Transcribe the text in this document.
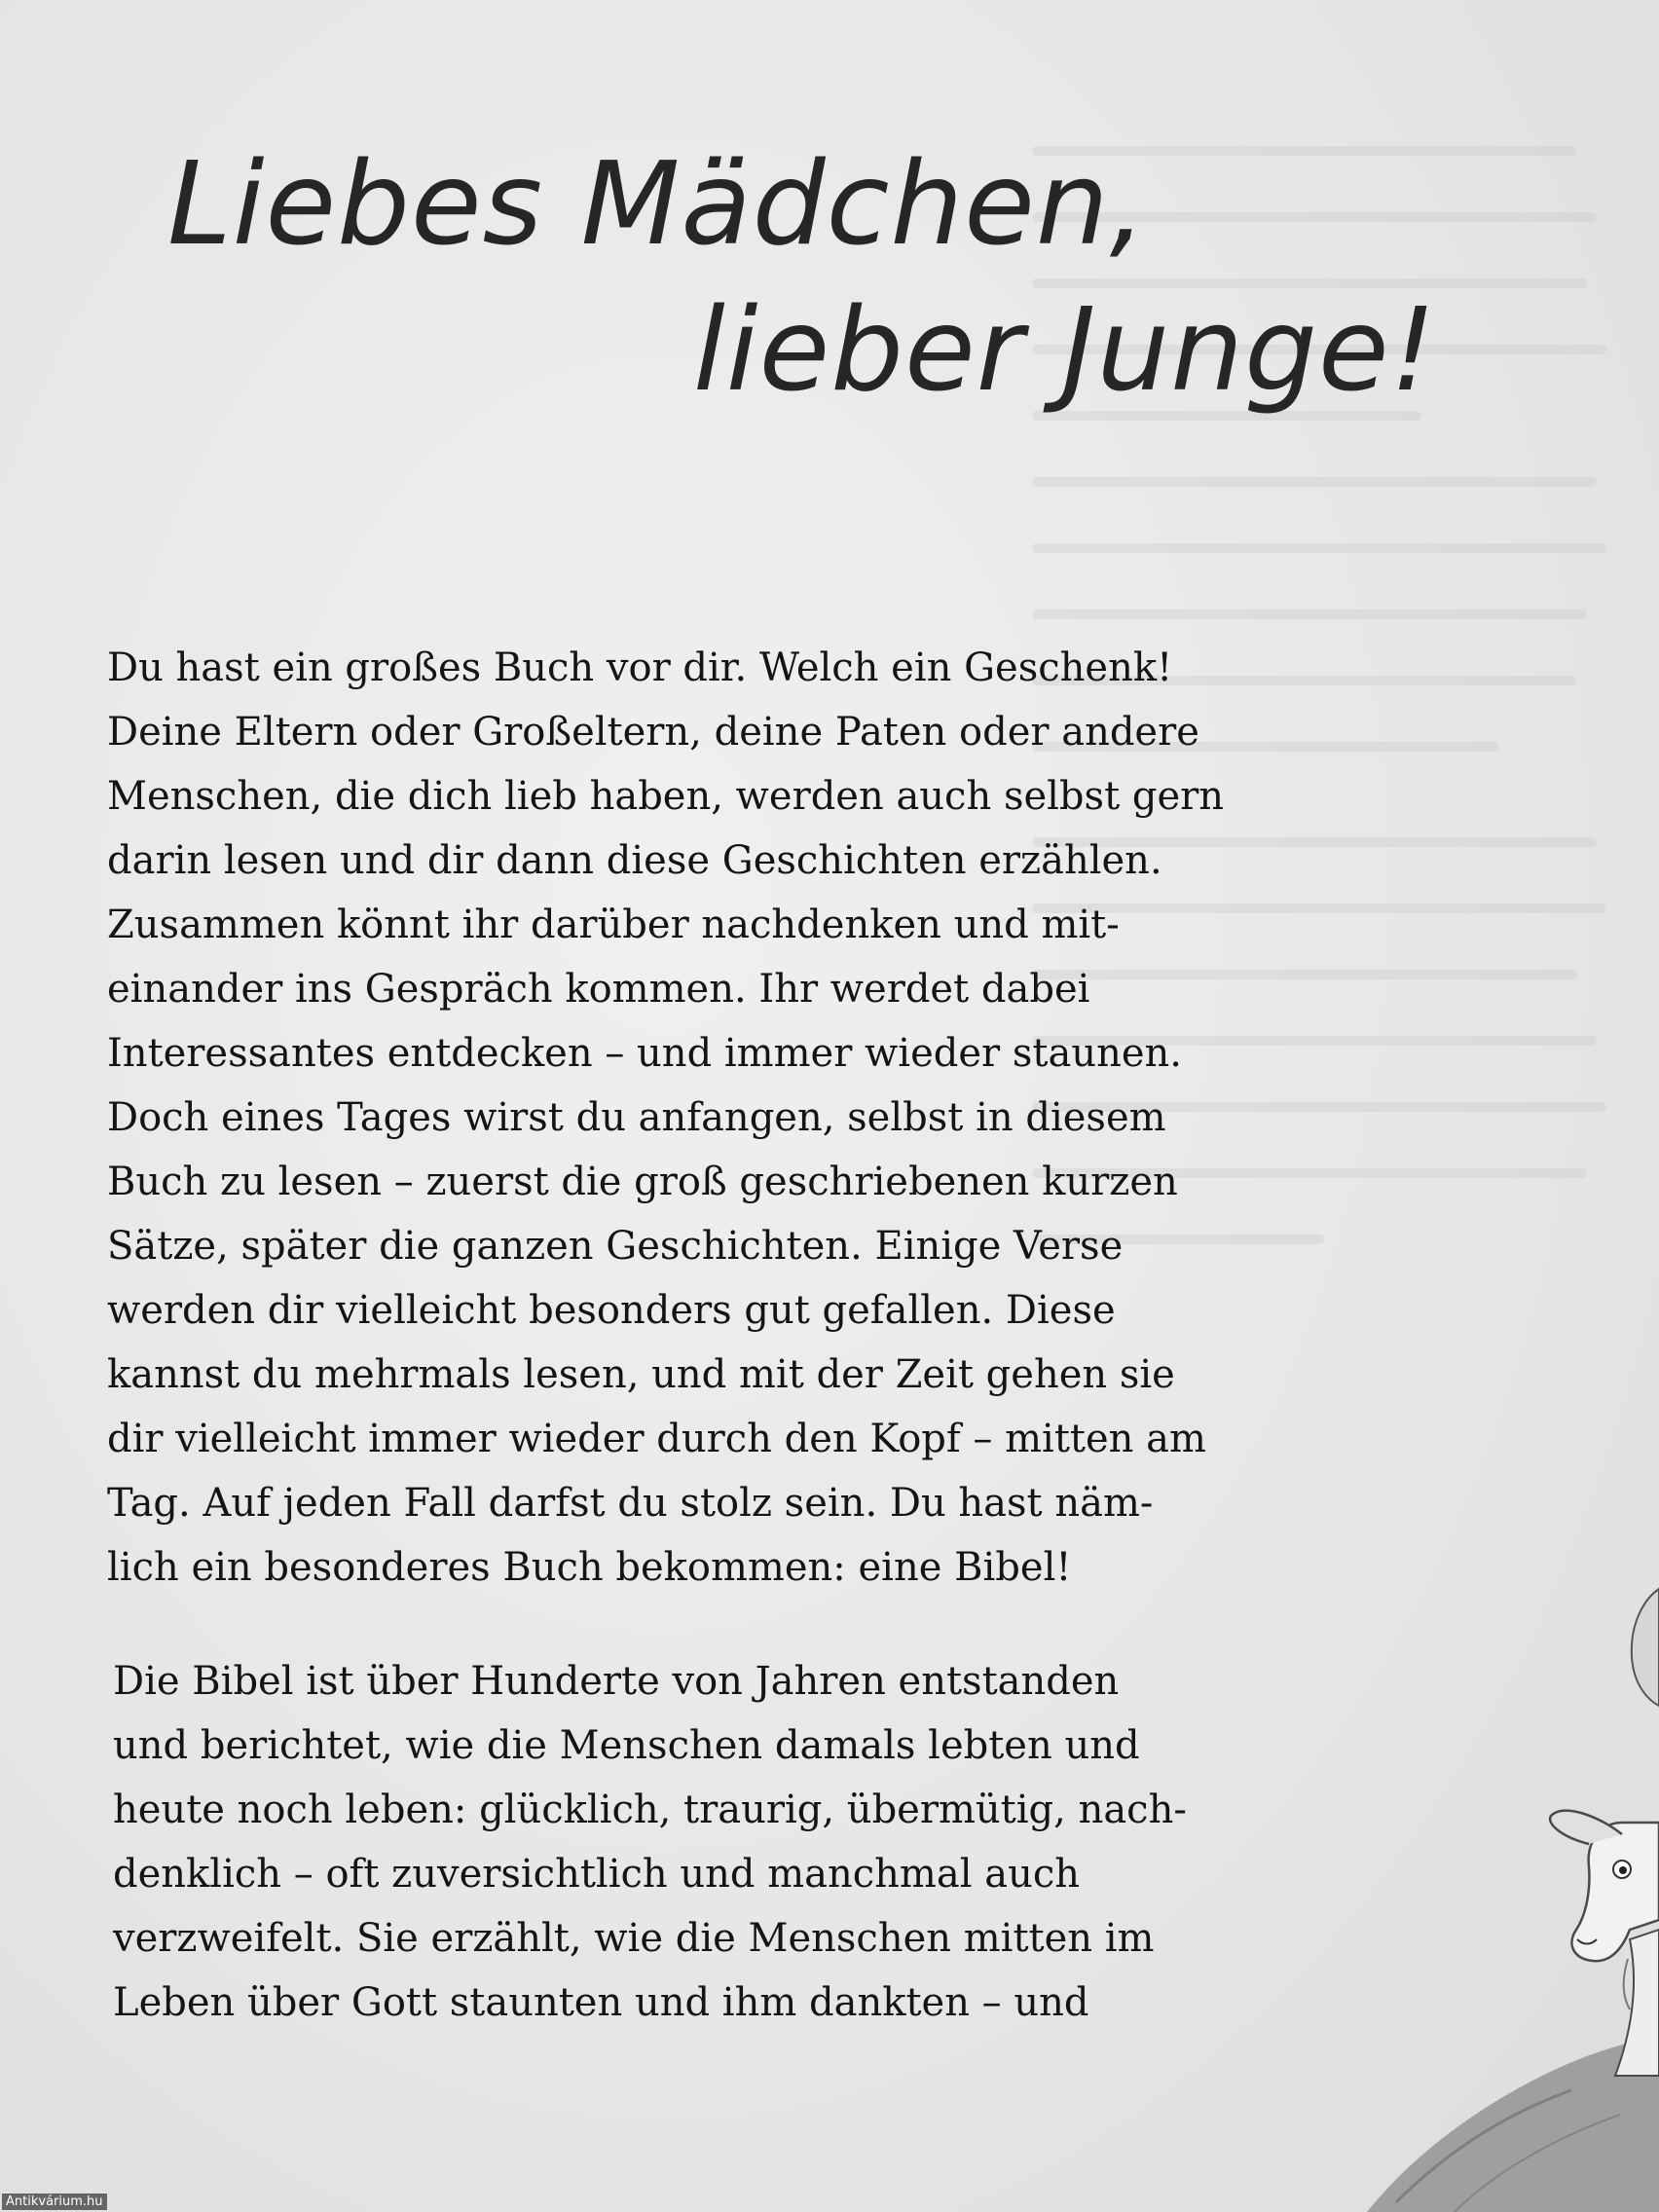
Liebes Mädchen,
lieber Junge!
Du hast ein großes Buch vor dir. Welch ein Geschenk!
Deine Eltern oder Großeltern, deine Paten oder andere
Menschen, die dich lieb haben, werden auch selbst gern
darin lesen und dir dann diese Geschichten erzählen.
Zusammen könnt ihr darüber nachdenken und mit-
einander ins Gespräch kommen. Ihr werdet dabei
Interessantes entdecken – und immer wieder staunen.
Doch eines Tages wirst du anfangen, selbst in diesem
Buch zu lesen – zuerst die groß geschriebenen kurzen
Sätze, später die ganzen Geschichten. Einige Verse
werden dir vielleicht besonders gut gefallen. Diese
kannst du mehrmals lesen, und mit der Zeit gehen sie
dir vielleicht immer wieder durch den Kopf – mitten am
Tag. Auf jeden Fall darfst du stolz sein. Du hast näm-
lich ein besonderes Buch bekommen: eine Bibel!
Die Bibel ist über Hunderte von Jahren entstanden
und berichtet, wie die Menschen damals lebten und
heute noch leben: glücklich, traurig, übermütig, nach-
denklich – oft zuversichtlich und manchmal auch
verzweifelt. Sie erzählt, wie die Menschen mitten im
Leben über Gott staunten und ihm dankten – und
Antikvárium.hu
